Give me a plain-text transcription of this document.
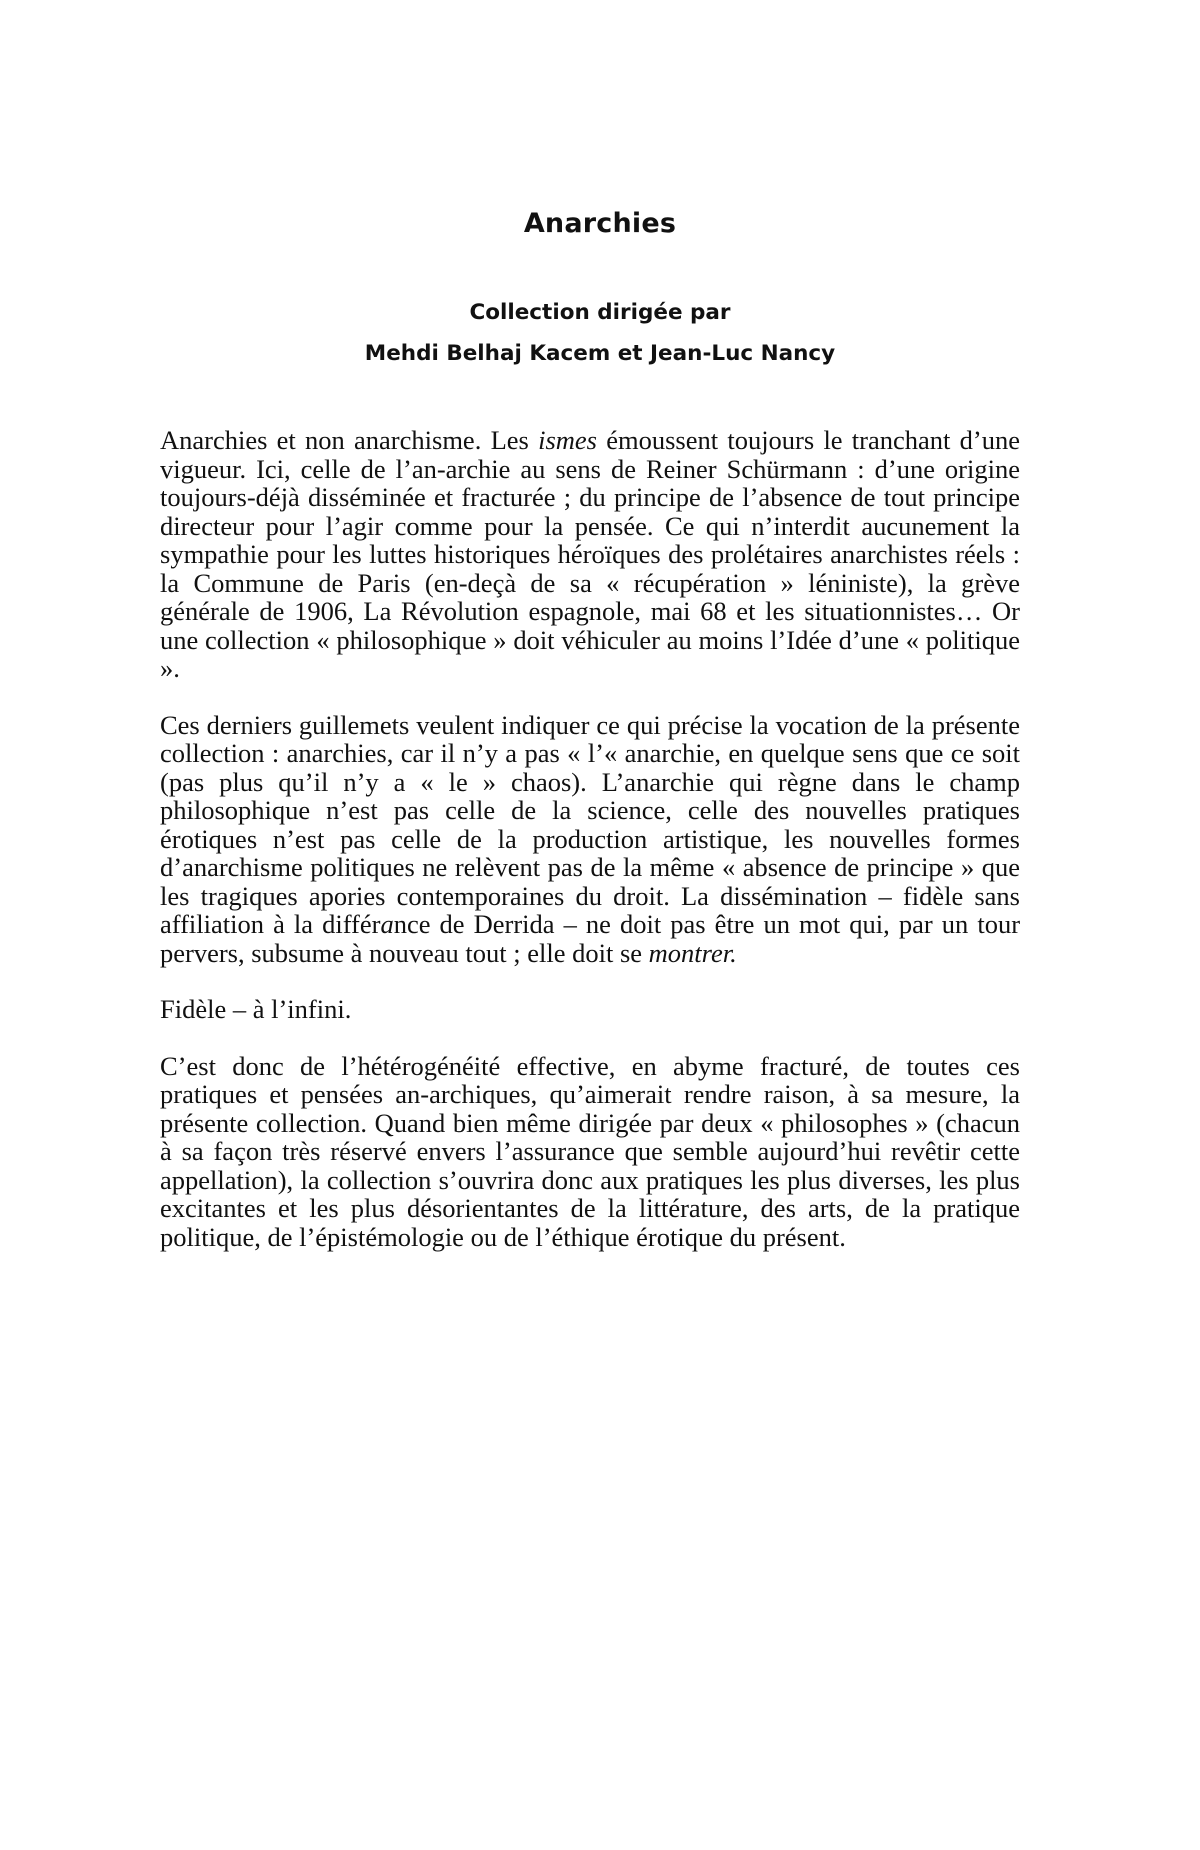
Anarchies

Collection dirigée par

Mehdi Belhaj Kacem et Jean-Luc Nancy

Anarchies et non anarchisme. Les ismes émoussent toujours le tranchant d’une vigueur. Ici, celle de l’an-archie au sens de Reiner Schürmann : d’une origine toujours-déjà disséminée et fracturée ; du principe de l’absence de tout principe directeur pour l’agir comme pour la pensée. Ce qui n’interdit aucunement la sympathie pour les luttes historiques héroïques des prolétaires anarchistes réels : la Commune de Paris (en-deçà de sa « récupération » léniniste), la grève générale de 1906, La Révolution espagnole, mai 68 et les situationnistes… Or une collection « philosophique » doit véhiculer au moins l’Idée d’une « politique ».

Ces derniers guillemets veulent indiquer ce qui précise la vocation de la présente collection : anarchies, car il n’y a pas « l’« anarchie, en quelque sens que ce soit (pas plus qu’il n’y a « le » chaos). L’anarchie qui règne dans le champ philosophique n’est pas celle de la science, celle des nouvelles pratiques érotiques n’est pas celle de la production artistique, les nouvelles formes d’anarchisme politiques ne relèvent pas de la même « absence de principe » que les tragiques apories contemporaines du droit. La dissémination – fidèle sans affiliation à la différance de Derrida – ne doit pas être un mot qui, par un tour pervers, subsume à nouveau tout ; elle doit se montrer.

Fidèle – à l’infini.

C’est donc de l’hétérogénéité effective, en abyme fracturé, de toutes ces pratiques et pensées an-archiques, qu’aimerait rendre raison, à sa mesure, la présente collection. Quand bien même dirigée par deux « philosophes » (chacun à sa façon très réservé envers l’assurance que semble aujourd’hui revêtir cette appellation), la collection s’ouvrira donc aux pratiques les plus diverses, les plus excitantes et les plus désorientantes de la littérature, des arts, de la pratique politique, de l’épistémologie ou de l’éthique érotique du présent.
